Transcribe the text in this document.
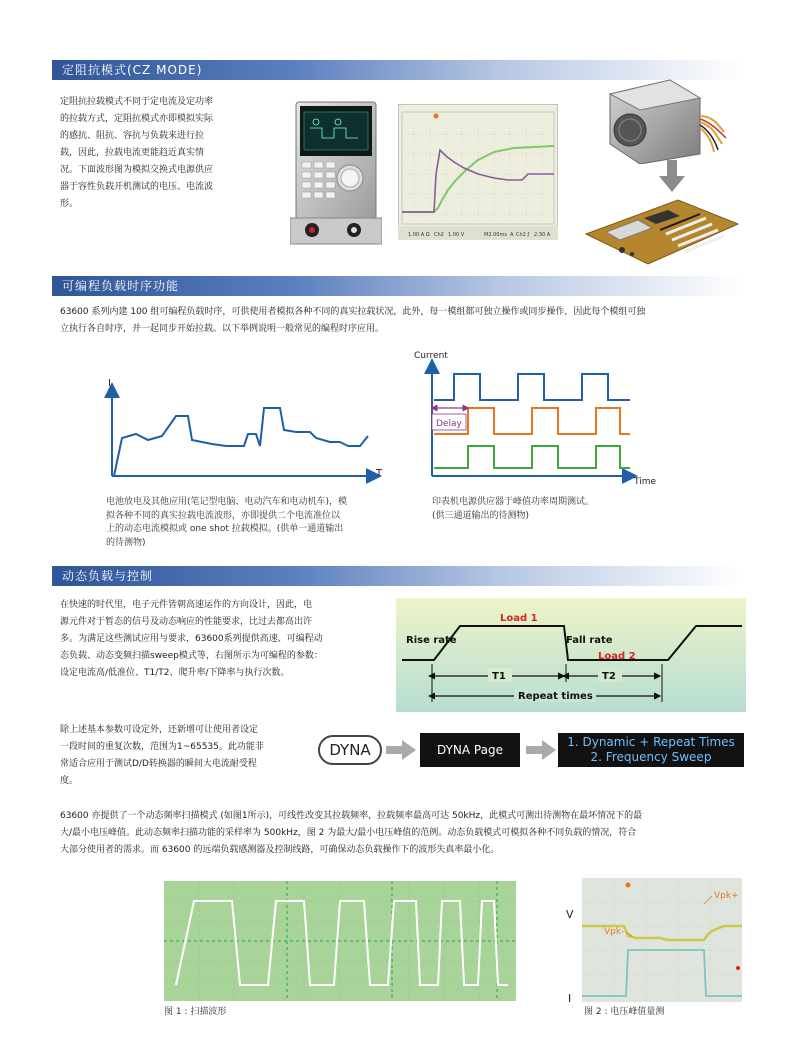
定阻抗模式(CZ MODE)
定阻抗拉载模式不同于定电流及定功率
的拉载方式，定阻抗模式亦即模拟实际
的感抗、阻抗、容抗与负载来进行拉
载，因此，拉载电流更能趋近真实情
况。下面波形图为模拟交换式电源供应
器于容性负载开机测试的电压、电流波
形。
1.00 A Ω Ch2 1.00 V	M2.00ms A Ch2 ƒ 2.30 A
可编程负载时序功能
63600 系列内建 100 组可编程负载时序，可供使用者模拟各种不同的真实拉载状况，此外，每一模组都可独立操作或同步操作，因此每个模组可独
立执行各自时序，并一起同步开始拉载。以下举例说明一般常见的编程时序应用。
I
T
Current
Time
Delay
电池放电及其他应用(笔记型电脑、电动汽车和电动机车)，模
拟各种不同的真实拉载电流波形，亦即提供二个电流准位以
上的动态电流模拟或 one shot 拉载模拟。(供单一通道输出
的待测物)
印表机电源供应器于峰值功率周期测试。
(供三通道输出的待测物)
动态负载与控制
在快速的时代里，电子元件皆朝高速运作的方向设计，因此，电
源元件对于暂态的信号及动态响应的性能要求，比过去都高出许
多。为满足这些测试应用与要求，63600系列提供高速、可编程动
态负载、动态变频扫描sweep模式等，右图所示为可编程的参数：
设定电流高/低准位、T1/T2、爬升率/下降率与执行次数。
Load 1
Load 2
Rise rate	Fall rate
T1	T2
Repeat times
除上述基本参数可设定外，还新增可让使用者设定
一段时间的重复次数，范围为1~65535。此功能非
常适合应用于测试D/D转换器的瞬间大电流耐受程
度。
DYNA	DYNA Page
1. Dynamic + Repeat Times
2. Frequency Sweep
63600 亦提供了一个动态频率扫描模式 (如图1所示)，可线性改变其拉载频率，拉载频率最高可达 50kHz，此模式可测出待测物在最坏情况下的最
大/最小电压峰值。此动态频率扫描功能的采样率为 500kHz，图 2 为最大/最小电压峰值的范例。动态负载模式可模拟各种不同负载的情况，符合
大部分使用者的需求。而 63600 的远端负载感测器及控制线路，可确保动态负载操作下的波形失真率最小化。
图 1 : 扫描波形
V
I
Vpk+
Vpk-
图 2 : 电压峰值量测
